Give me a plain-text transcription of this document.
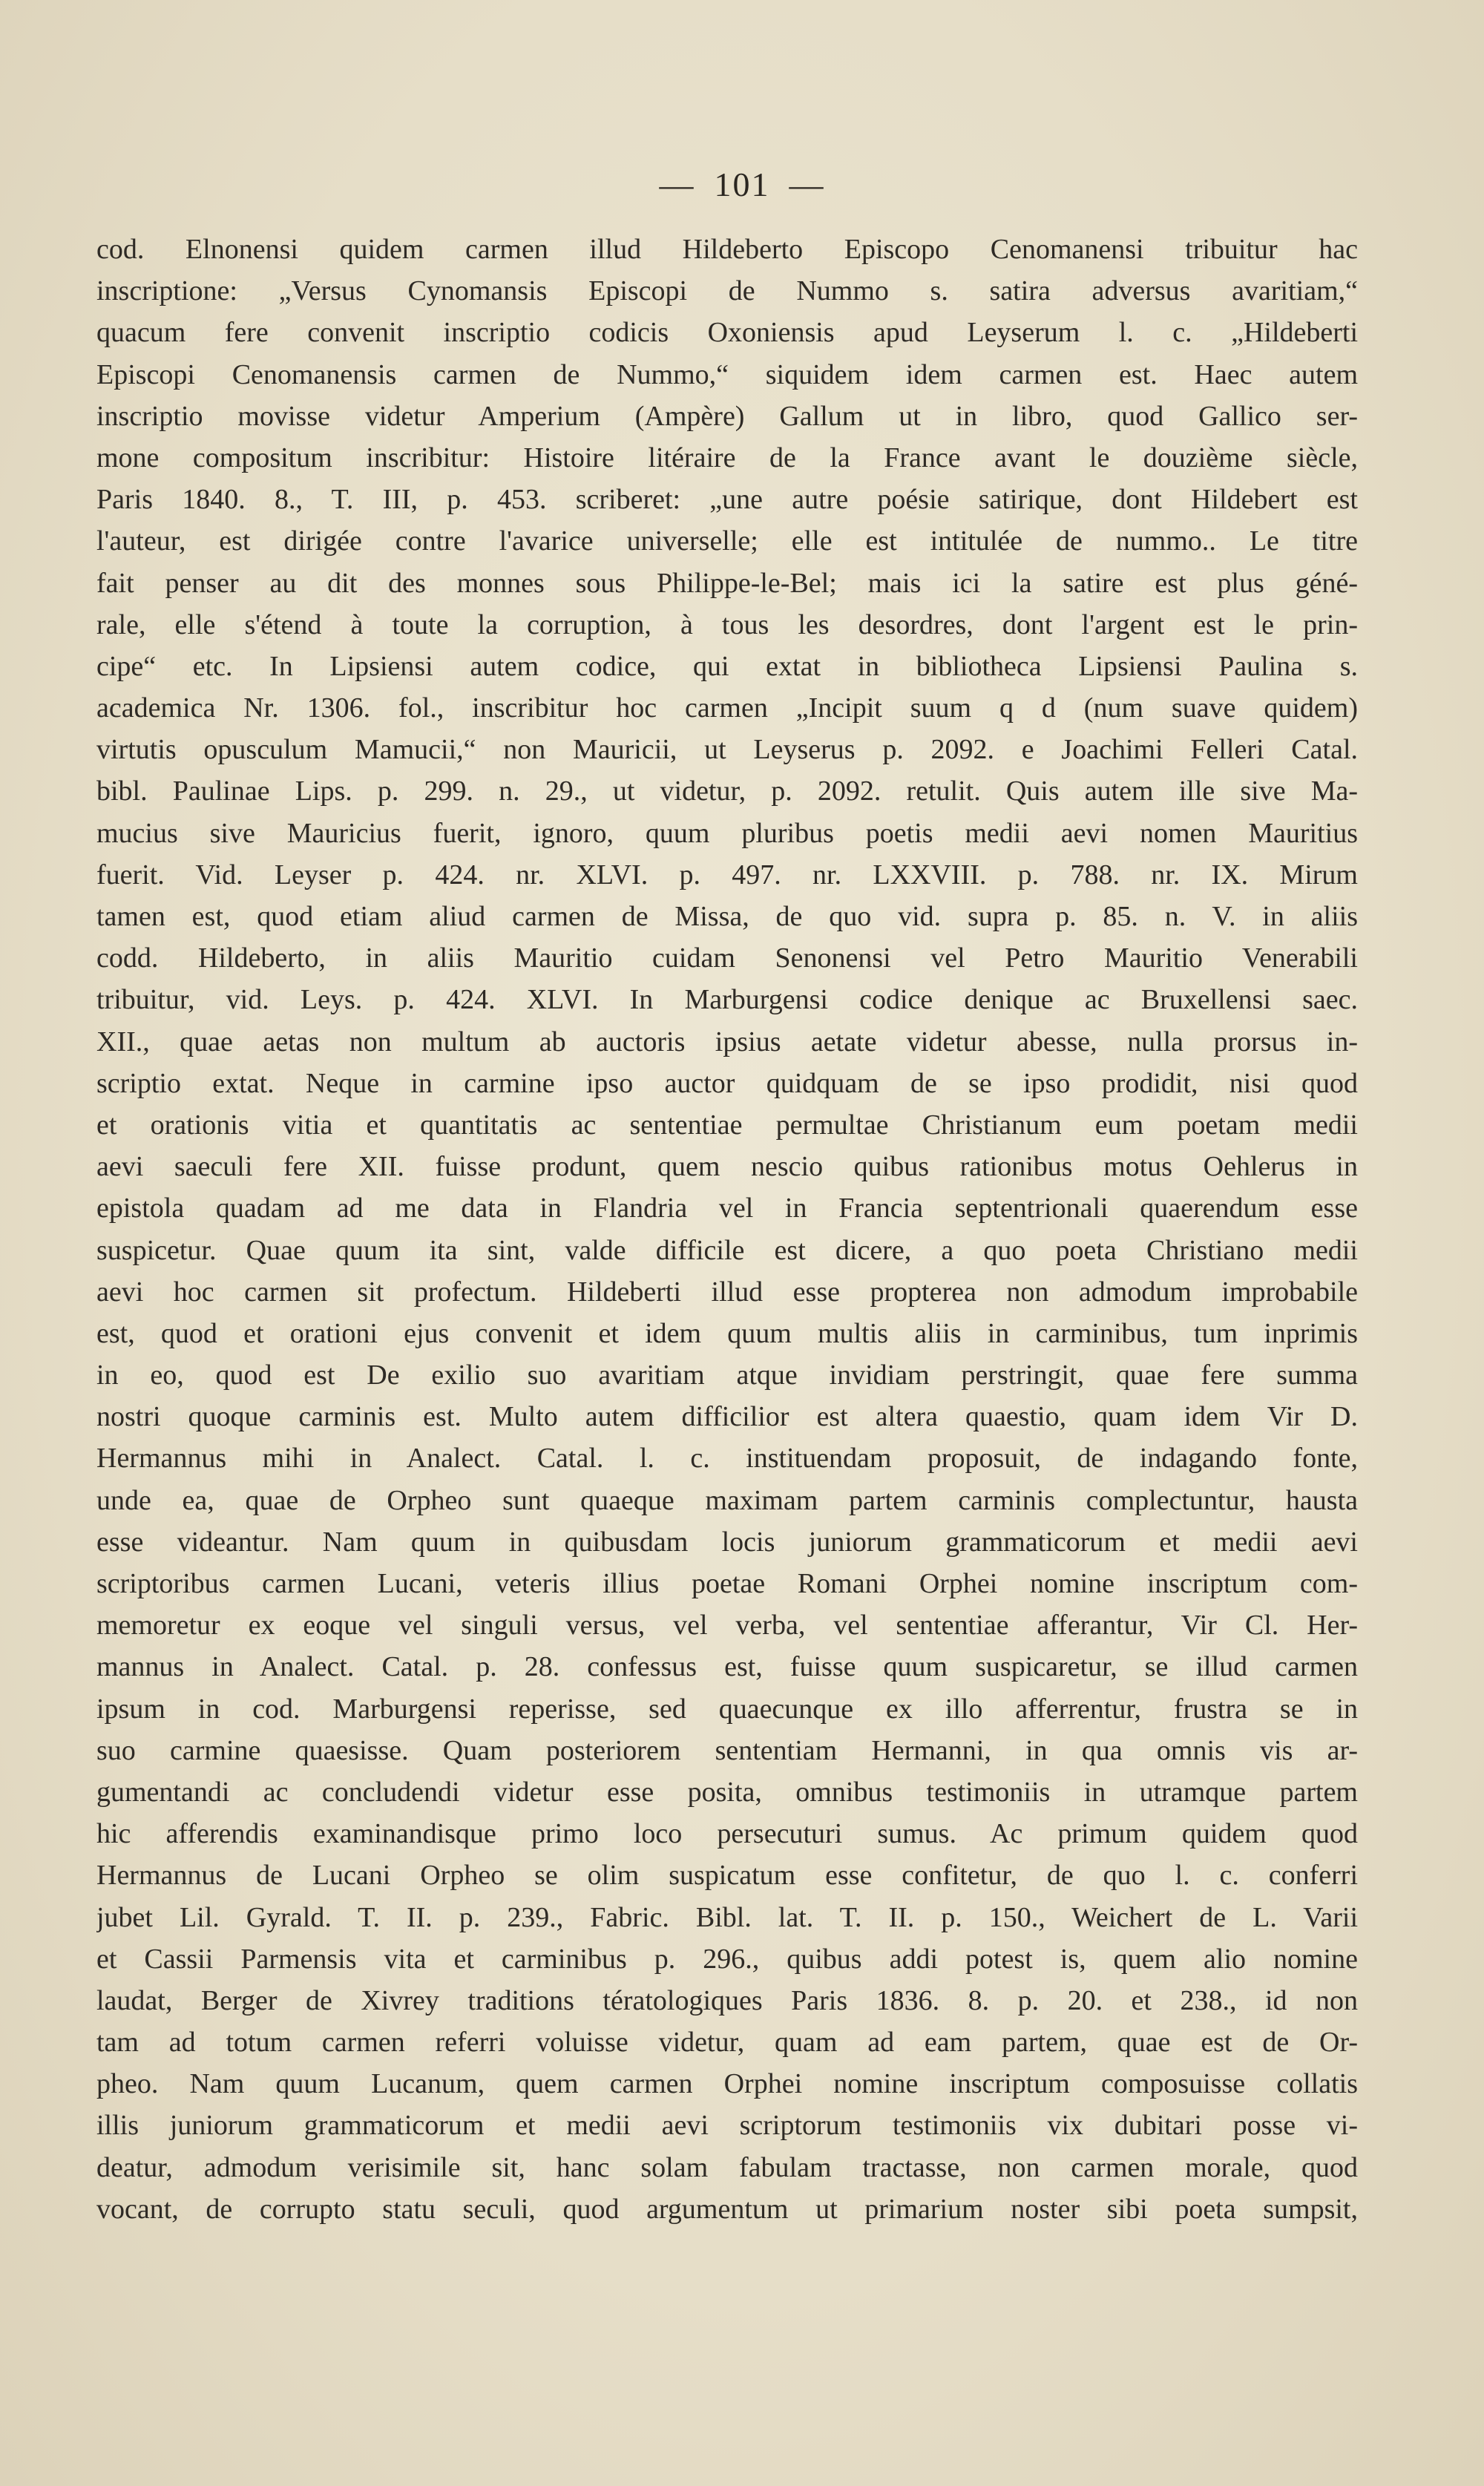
— 101 —
cod. Elnonensi quidem carmen illud Hildeberto Episcopo Cenomanensi tribuitur hac
inscriptione: „Versus Cynomansis Episcopi de Nummo s. satira adversus avaritiam,“
quacum fere convenit inscriptio codicis Oxoniensis apud Leyserum l. c. „Hildeberti
Episcopi Cenomanensis carmen de Nummo,“ siquidem idem carmen est. Haec autem
inscriptio movisse videtur Amperium (Ampère) Gallum ut in libro, quod Gallico ser-
mone compositum inscribitur: Histoire litéraire de la France avant le douzième siècle,
Paris 1840. 8., T. III, p. 453. scriberet: „une autre poésie satirique, dont Hildebert est
l'auteur, est dirigée contre l'avarice universelle; elle est intitulée de nummo.. Le titre
fait penser au dit des monnes sous Philippe-le-Bel; mais ici la satire est plus géné-
rale, elle s'étend à toute la corruption, à tous les desordres, dont l'argent est le prin-
cipe“ etc. In Lipsiensi autem codice, qui extat in bibliotheca Lipsiensi Paulina s.
academica Nr. 1306. fol., inscribitur hoc carmen „Incipit suum q d (num suave quidem)
virtutis opusculum Mamucii,“ non Mauricii, ut Leyserus p. 2092. e Joachimi Felleri Catal.
bibl. Paulinae Lips. p. 299. n. 29., ut videtur, p. 2092. retulit. Quis autem ille sive Ma-
mucius sive Mauricius fuerit, ignoro, quum pluribus poetis medii aevi nomen Mauritius
fuerit. Vid. Leyser p. 424. nr. XLVI. p. 497. nr. LXXVIII. p. 788. nr. IX. Mirum
tamen est, quod etiam aliud carmen de Missa, de quo vid. supra p. 85. n. V. in aliis
codd. Hildeberto, in aliis Mauritio cuidam Senonensi vel Petro Mauritio Venerabili
tribuitur, vid. Leys. p. 424. XLVI. In Marburgensi codice denique ac Bruxellensi saec.
XII., quae aetas non multum ab auctoris ipsius aetate videtur abesse, nulla prorsus in-
scriptio extat. Neque in carmine ipso auctor quidquam de se ipso prodidit, nisi quod
et orationis vitia et quantitatis ac sententiae permultae Christianum eum poetam medii
aevi saeculi fere XII. fuisse produnt, quem nescio quibus rationibus motus Oehlerus in
epistola quadam ad me data in Flandria vel in Francia septentrionali quaerendum esse
suspicetur. Quae quum ita sint, valde difficile est dicere, a quo poeta Christiano medii
aevi hoc carmen sit profectum. Hildeberti illud esse propterea non admodum improbabile
est, quod et orationi ejus convenit et idem quum multis aliis in carminibus, tum inprimis
in eo, quod est De exilio suo avaritiam atque invidiam perstringit, quae fere summa
nostri quoque carminis est. Multo autem difficilior est altera quaestio, quam idem Vir D.
Hermannus mihi in Analect. Catal. l. c. instituendam proposuit, de indagando fonte,
unde ea, quae de Orpheo sunt quaeque maximam partem carminis complectuntur, hausta
esse videantur. Nam quum in quibusdam locis juniorum grammaticorum et medii aevi
scriptoribus carmen Lucani, veteris illius poetae Romani Orphei nomine inscriptum com-
memoretur ex eoque vel singuli versus, vel verba, vel sententiae afferantur, Vir Cl. Her-
mannus in Analect. Catal. p. 28. confessus est, fuisse quum suspicaretur, se illud carmen
ipsum in cod. Marburgensi reperisse, sed quaecunque ex illo afferrentur, frustra se in
suo carmine quaesisse. Quam posteriorem sententiam Hermanni, in qua omnis vis ar-
gumentandi ac concludendi videtur esse posita, omnibus testimoniis in utramque partem
hic afferendis examinandisque primo loco persecuturi sumus. Ac primum quidem quod
Hermannus de Lucani Orpheo se olim suspicatum esse confitetur, de quo l. c. conferri
jubet Lil. Gyrald. T. II. p. 239., Fabric. Bibl. lat. T. II. p. 150., Weichert de L. Varii
et Cassii Parmensis vita et carminibus p. 296., quibus addi potest is, quem alio nomine
laudat, Berger de Xivrey traditions tératologiques Paris 1836. 8. p. 20. et 238., id non
tam ad totum carmen referri voluisse videtur, quam ad eam partem, quae est de Or-
pheo. Nam quum Lucanum, quem carmen Orphei nomine inscriptum composuisse collatis
illis juniorum grammaticorum et medii aevi scriptorum testimoniis vix dubitari posse vi-
deatur, admodum verisimile sit, hanc solam fabulam tractasse, non carmen morale, quod
vocant, de corrupto statu seculi, quod argumentum ut primarium noster sibi poeta sumpsit,
